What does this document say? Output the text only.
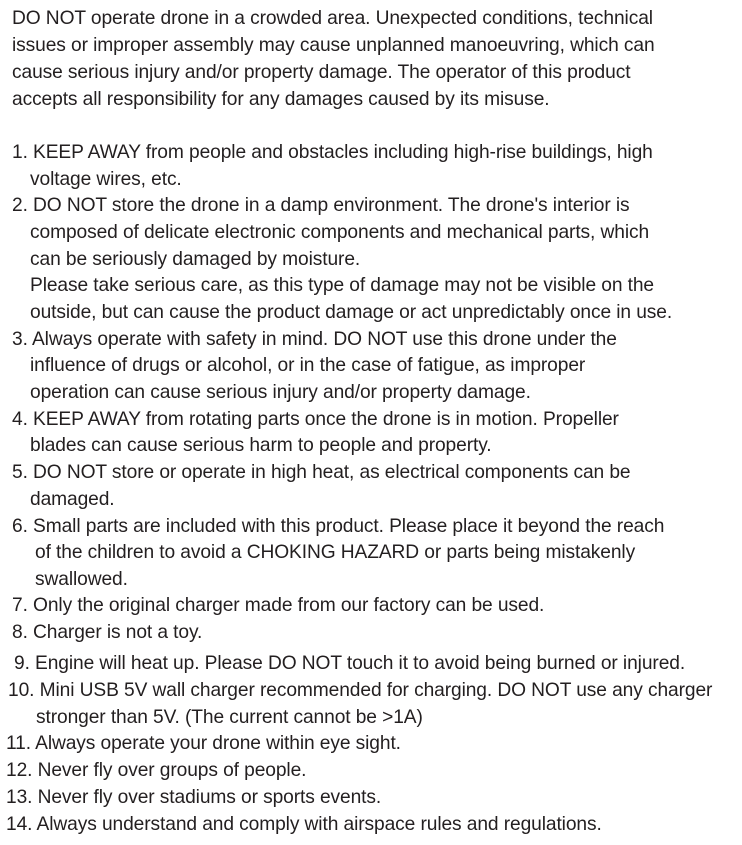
DO NOT operate drone in a crowded area. Unexpected conditions, technical
issues or improper assembly may cause unplanned manoeuvring, which can
cause serious injury and/or property damage. The operator of this product
accepts all responsibility for any damages caused by its misuse.
1. KEEP AWAY from people and obstacles including high-rise buildings, high
voltage wires, etc.
2. DO NOT store the drone in a damp environment. The drone's interior is
composed of delicate electronic components and mechanical parts, which
can be seriously damaged by moisture.
Please take serious care, as this type of damage may not be visible on the
outside, but can cause the product damage or act unpredictably once in use.
3. Always operate with safety in mind. DO NOT use this drone under the
influence of drugs or alcohol, or in the case of fatigue, as improper
operation can cause serious injury and/or property damage.
4. KEEP AWAY from rotating parts once the drone is in motion. Propeller
blades can cause serious harm to people and property.
5. DO NOT store or operate in high heat, as electrical components can be
damaged.
6. Small parts are included with this product. Please place it beyond the reach
of the children to avoid a CHOKING HAZARD or parts being mistakenly
swallowed.
7. Only the original charger made from our factory can be used.
8. Charger is not a toy.
9. Engine will heat up. Please DO NOT touch it to avoid being burned or injured.
10. Mini USB 5V wall charger recommended for charging. DO NOT use any charger
stronger than 5V. (The current cannot be >1A)
11. Always operate your drone within eye sight.
12. Never fly over groups of people.
13. Never fly over stadiums or sports events.
14. Always understand and comply with airspace rules and regulations.
